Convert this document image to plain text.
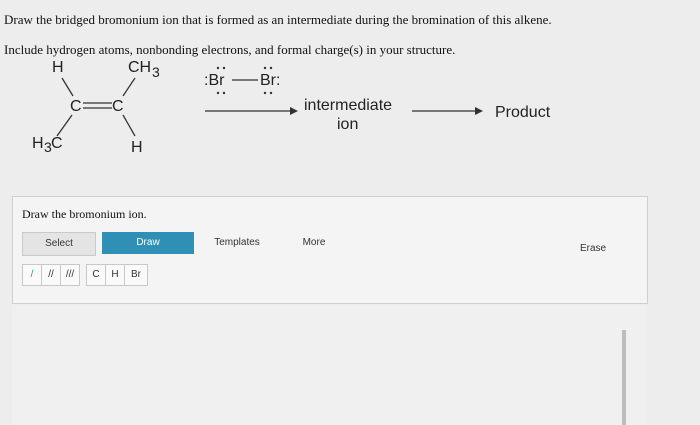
Draw the bridged bromonium ion that is formed as an intermediate during the bromination of this alkene.
Include hydrogen atoms, nonbonding electrons, and formal charge(s) in your structure.
H	CH 3
C C
H 3 C	H
:Br Br:
intermediate
ion
Product
Draw the bromonium ion.
Select	Draw	Templates	More
/	//	///	C	H	Br
Erase
